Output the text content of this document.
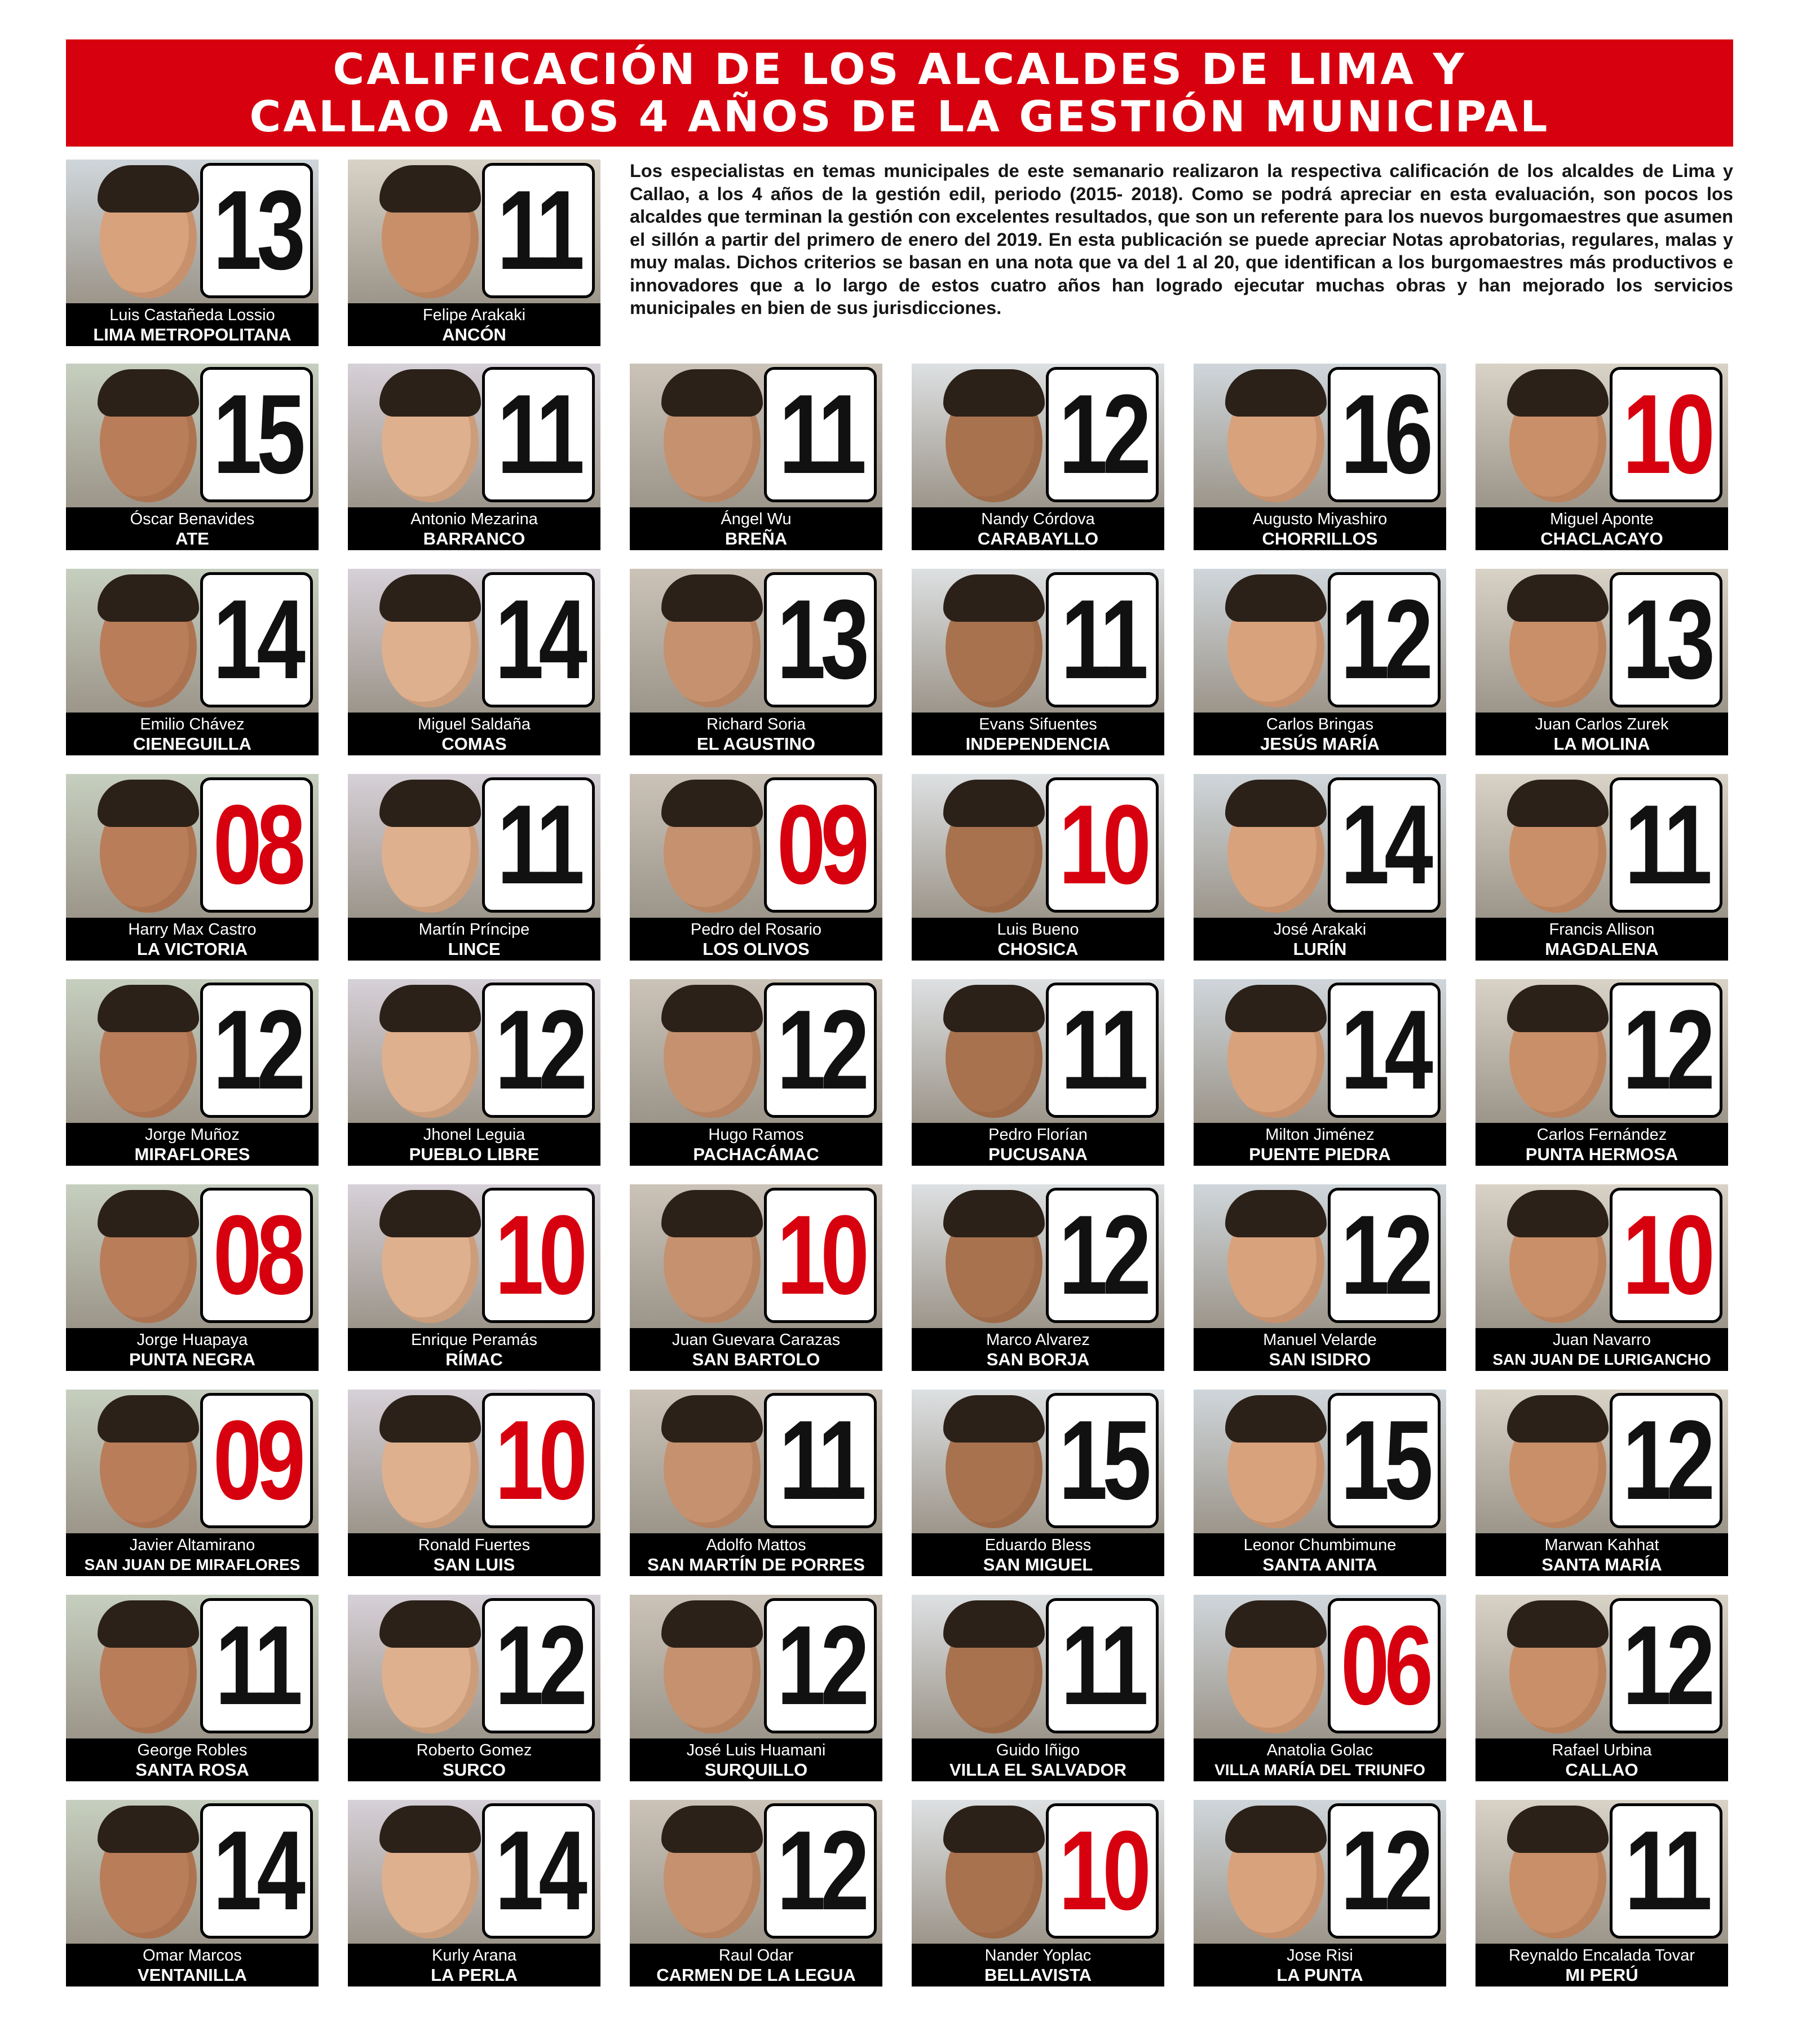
CALIFICACIÓN DE LOS ALCALDES DE LIMA Y
CALLAO A LOS 4 AÑOS DE LA GESTIÓN MUNICIPAL

Los especialistas en temas municipales de este semanario realizaron la respectiva calificación de los alcaldes de Lima y Callao, a los 4 años de la gestión edil, periodo (2015- 2018). Como se podrá apreciar en esta evaluación, son pocos los alcaldes que terminan la gestión con excelentes resultados, que son un referente para los nuevos burgomaestres que asumen el sillón a partir del primero de enero del 2019. En esta publicación se puede apreciar Notas aprobatorias, regulares, malas y muy malas. Dichos criterios se basan en una nota que va del 1 al 20, que identifican a los burgomaestres más productivos e innovadores que a lo largo de estos cuatro años han logrado ejecutar muchas obras y han mejorado los servicios municipales en bien de sus jurisdicciones.

13
Luis Castañeda Lossio
LIMA METROPOLITANA
11
Felipe Arakaki
ANCÓN
15
Óscar Benavides
ATE
11
Antonio Mezarina
BARRANCO
11
Ángel Wu
BREÑA
12
Nandy Córdova
CARABAYLLO
16
Augusto Miyashiro
CHORRILLOS
10
Miguel Aponte
CHACLACAYO
14
Emilio Chávez
CIENEGUILLA
14
Miguel Saldaña
COMAS
13
Richard Soria
EL AGUSTINO
11
Evans Sifuentes
INDEPENDENCIA
12
Carlos Bringas
JESÚS MARÍA
13
Juan Carlos Zurek
LA MOLINA
08
Harry Max Castro
LA VICTORIA
11
Martín Príncipe
LINCE
09
Pedro del Rosario
LOS OLIVOS
10
Luis Bueno
CHOSICA
14
José Arakaki
LURÍN
11
Francis Allison
MAGDALENA
12
Jorge Muñoz
MIRAFLORES
12
Jhonel Leguia
PUEBLO LIBRE
12
Hugo Ramos
PACHACÁMAC
11
Pedro Florían
PUCUSANA
14
Milton Jiménez
PUENTE PIEDRA
12
Carlos Fernández
PUNTA HERMOSA
08
Jorge Huapaya
PUNTA NEGRA
10
Enrique Peramás
RÍMAC
10
Juan Guevara Carazas
SAN BARTOLO
12
Marco Alvarez
SAN BORJA
12
Manuel Velarde
SAN ISIDRO
10
Juan Navarro
SAN JUAN DE LURIGANCHO
09
Javier Altamirano
SAN JUAN DE MIRAFLORES
10
Ronald Fuertes
SAN LUIS
11
Adolfo Mattos
SAN MARTÍN DE PORRES
15
Eduardo Bless
SAN MIGUEL
15
Leonor Chumbimune
SANTA ANITA
12
Marwan Kahhat
SANTA MARÍA
11
George Robles
SANTA ROSA
12
Roberto Gomez
SURCO
12
José Luis Huamani
SURQUILLO
11
Guido Iñigo
VILLA EL SALVADOR
06
Anatolia Golac
VILLA MARÍA DEL TRIUNFO
12
Rafael Urbina
CALLAO
14
Omar Marcos
VENTANILLA
14
Kurly Arana
LA PERLA
12
Raul Odar
CARMEN DE LA LEGUA
10
Nander Yoplac
BELLAVISTA
12
Jose Risi
LA PUNTA
11
Reynaldo Encalada Tovar
MI PERÚ
